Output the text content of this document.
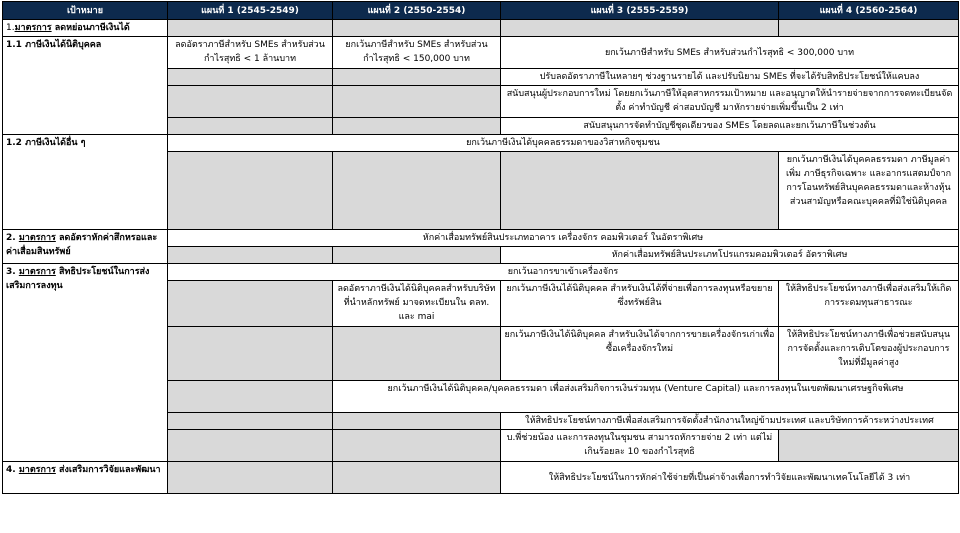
เป้าหมาย	แผนที่ 1 (2545-2549)	แผนที่ 2 (2550-2554)	แผนที่ 3 (2555-2559)	แผนที่ 4 (2560-2564)
1.มาตรการ ลดหย่อนภาษีเงินได้				
1.1 ภาษีเงินได้นิติบุคคล	ลดอัตราภาษีสำหรับ SMEs สำหรับส่วนกำไรสุทธิ < 1 ล้านบาท	ยกเว้นภาษีสำหรับ SMEs สำหรับส่วนกำไรสุทธิ < 150,000 บาท	ยกเว้นภาษีสำหรับ SMEs สำหรับส่วนกำไรสุทธิ < 300,000 บาท	
			ปรับลดอัตราภาษีในหลายๆ ช่วงฐานรายได้ และปรับนิยาม SMEs ที่จะได้รับสิทธิประโยชน์ให้แคบลง	
			สนับสนุนผู้ประกอบการใหม่ โดยยกเว้นภาษีให้อุตสาหกรรมเป้าหมาย และอนุญาตให้นำรายจ่ายจากการจดทะเบียนจัดตั้ง ค่าทำบัญชี ค่าสอบบัญชี มาหักรายจ่ายเพิ่มขึ้นเป็น 2 เท่า	
			สนับสนุนการจัดทำบัญชีชุดเดียวของ SMEs โดยลดและยกเว้นภาษีในช่วงต้น	
1.2 ภาษีเงินได้อื่น ๆ	ยกเว้นภาษีเงินได้บุคคลธรรมดาของวิสาหกิจชุมชน			
				ยกเว้นภาษีเงินได้บุคคลธรรมดา ภาษีมูลค่าเพิ่ม ภาษีธุรกิจเฉพาะ และอากรแสตมป์จากการโอนทรัพย์สินบุคคลธรรมดาและห้างหุ้นส่วนสามัญหรือคณะบุคคลที่มิใช่นิติบุคคล
2. มาตรการ ลดอัตราหักค่าสึกหรอและค่าเสื่อมสินทรัพย์	หักค่าเสื่อมทรัพย์สินประเภทอาคาร เครื่องจักร คอมพิวเตอร์ ในอัตราพิเศษ			
			หักค่าเสื่อมทรัพย์สินประเภทโปรแกรมคอมพิวเตอร์ อัตราพิเศษ	
3. มาตรการ สิทธิประโยชน์ในการส่งเสริมการลงทุน	ยกเว้นอากรขาเข้าเครื่องจักร			
		ลดอัตราภาษีเงินได้นิติบุคคลสำหรับบริษัทที่นำหลักทรัพย์ มาจดทะเบียนใน ตลท. และ mai	ยกเว้นภาษีเงินได้นิติบุคคล สำหรับเงินได้ที่จ่ายเพื่อการลงทุนหรือขยายซึ่งทรัพย์สิน	ให้สิทธิประโยชน์ทางภาษีเพื่อส่งเสริมให้เกิดการระดมทุนสาธารณะ
			ยกเว้นภาษีเงินได้นิติบุคคล สำหรับเงินได้จากการขายเครื่องจักรเก่าเพื่อซื้อเครื่องจักรใหม่	ให้สิทธิประโยชน์ทางภาษีเพื่อช่วยสนับสนุนการจัดตั้งและการเติบโตของผู้ประกอบการใหม่ที่มีมูลค่าสูง
		ยกเว้นภาษีเงินได้นิติบุคคล/บุคคลธรรมดา เพื่อส่งเสริมกิจการเงินร่วมทุน (Venture Capital) และการลงทุนในเขตพัฒนาเศรษฐกิจพิเศษ		
			ให้สิทธิประโยชน์ทางภาษีเพื่อส่งเสริมการจัดตั้งสำนักงานใหญ่ข้ามประเทศ และบริษัทการค้าระหว่างประเทศ	
			บ.พี่ช่วยน้อง และการลงทุนในชุมชน สามารถหักรายจ่าย 2 เท่า แต่ไม่เกินร้อยละ 10 ของกำไรสุทธิ	
4. มาตรการ ส่งเสริมการวิจัยและพัฒนา			ให้สิทธิประโยชน์ในการหักค่าใช้จ่ายที่เป็นค่าจ้างเพื่อการทำวิจัยและพัฒนาเทคโนโลยีได้ 3 เท่า	
